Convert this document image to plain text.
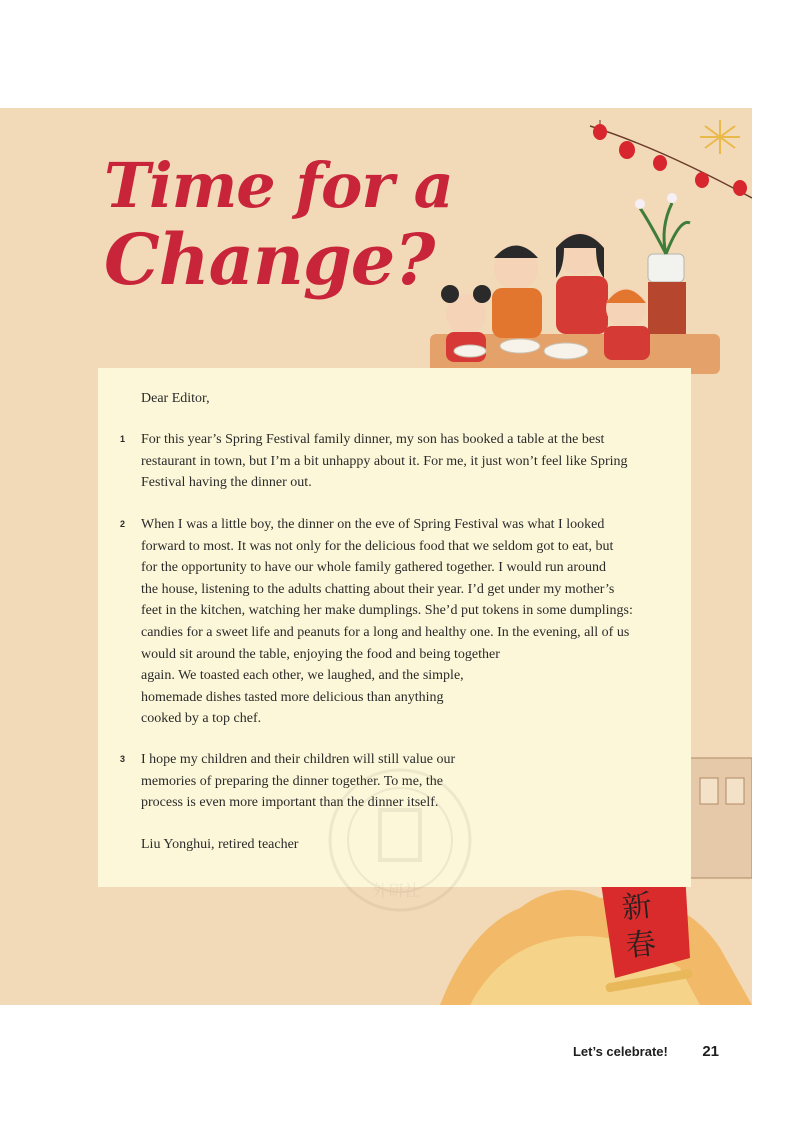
新
春
Time for a
Change?
Dear Editor,
1 For this year’s Spring Festival family dinner, my son has booked a table at the best
restaurant in town, but I’m a bit unhappy about it. For me, it just won’t feel like Spring
Festival having the dinner out.
2 When I was a little boy, the dinner on the eve of Spring Festival was what I looked
forward to most. It was not only for the delicious food that we seldom got to eat, but
for the opportunity to have our whole family gathered together. I would run around
the house, listening to the adults chatting about their year. I’d get under my mother’s
feet in the kitchen, watching her make dumplings. She’d put tokens in some dumplings:
candies for a sweet life and peanuts for a long and healthy one. In the evening, all of us
would sit around the table, enjoying the food and being together
again. We toasted each other, we laughed, and the simple,
homemade dishes tasted more delicious than anything
cooked by a top chef.
3 I hope my children and their children will still value our
memories of preparing the dinner together. To me, the
process is even more important than the dinner itself.
Liu Yonghui, retired teacher
外研社
Let’s celebrate! 21
